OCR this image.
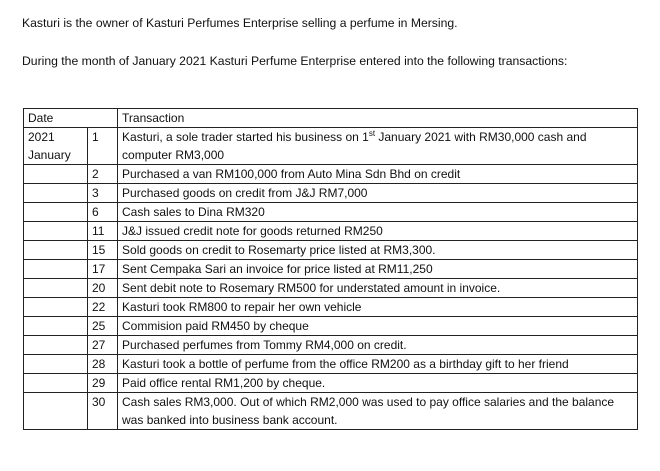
Kasturi is the owner of Kasturi Perfumes Enterprise selling a perfume in Mersing.

During the month of January 2021 Kasturi Perfume Enterprise entered into the following transactions:

Date		Transaction
2021
January	1	Kasturi, a sole trader started his business on 1st January 2021 with RM30,000 cash and computer RM3,000
	2	Purchased a van RM100,000 from Auto Mina Sdn Bhd on credit
	3	Purchased goods on credit from J&J RM7,000
	6	Cash sales to Dina RM320
	11	J&J issued credit note for goods returned RM250
	15	Sold goods on credit to Rosemarty price listed at RM3,300.
	17	Sent Cempaka Sari an invoice for price listed at RM11,250
	20	Sent debit note to Rosemary RM500 for understated amount in invoice.
	22	Kasturi took RM800 to repair her own vehicle
	25	Commision paid RM450 by cheque
	27	Purchased perfumes from Tommy RM4,000 on credit.
	28	Kasturi took a bottle of perfume from the office RM200 as a birthday gift to her friend
	29	Paid office rental RM1,200 by cheque.
	30	Cash sales RM3,000. Out of which RM2,000 was used to pay office salaries and the balance was banked into business bank account.
